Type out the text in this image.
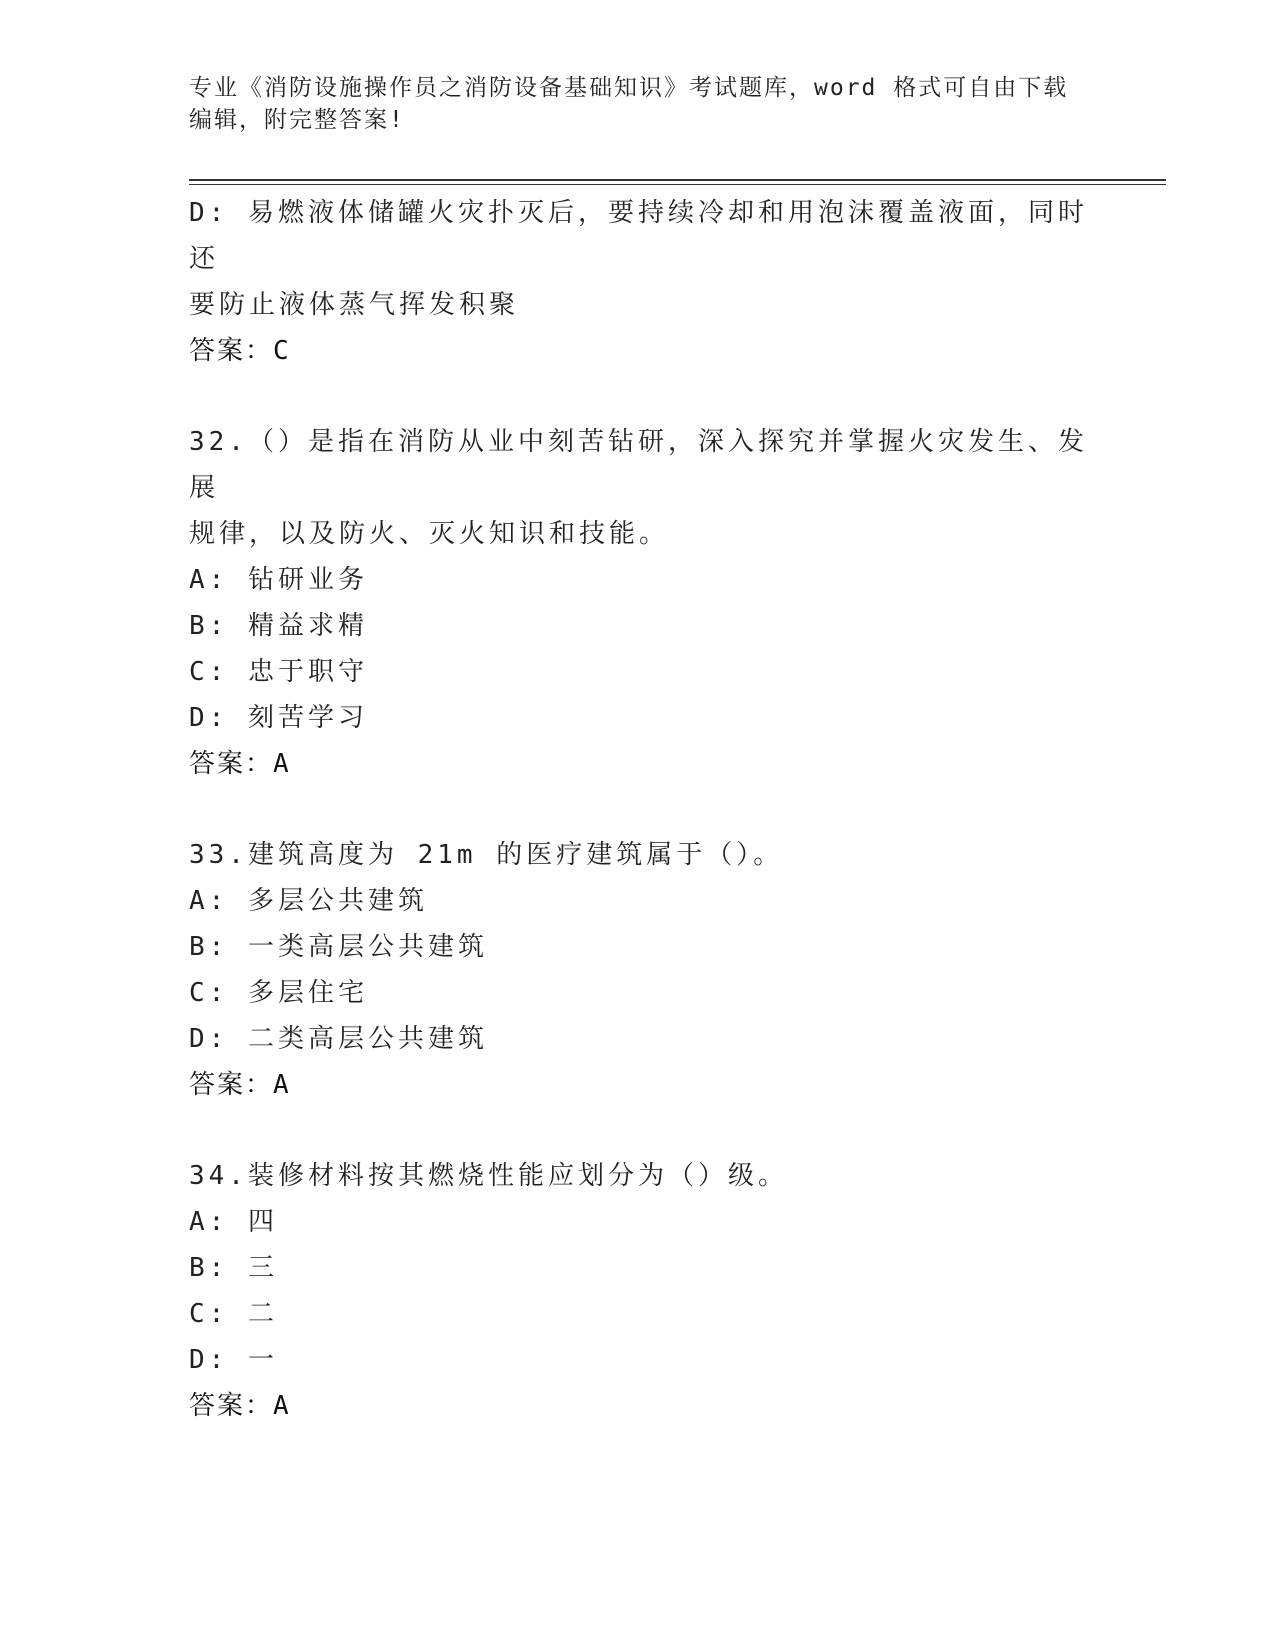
专业《消防设施操作员之消防设备基础知识》考试题库，word 格式可自由下载编辑，附完整答案!
D: 易燃液体储罐火灾扑灭后，要持续冷却和用泡沫覆盖液面，同时还
要防止液体蒸气挥发积聚
答案：C
32.（）是指在消防从业中刻苦钻研，深入探究并掌握火灾发生、发展
规律，以及防火、灭火知识和技能。
A: 钻研业务
B: 精益求精
C: 忠于职守
D: 刻苦学习
答案：A
33.建筑高度为 21m 的医疗建筑属于（）。
A: 多层公共建筑
B: 一类高层公共建筑
C: 多层住宅
D: 二类高层公共建筑
答案：A
34.装修材料按其燃烧性能应划分为（）级。
A: 四
B: 三
C: 二
D: 一
答案：A
